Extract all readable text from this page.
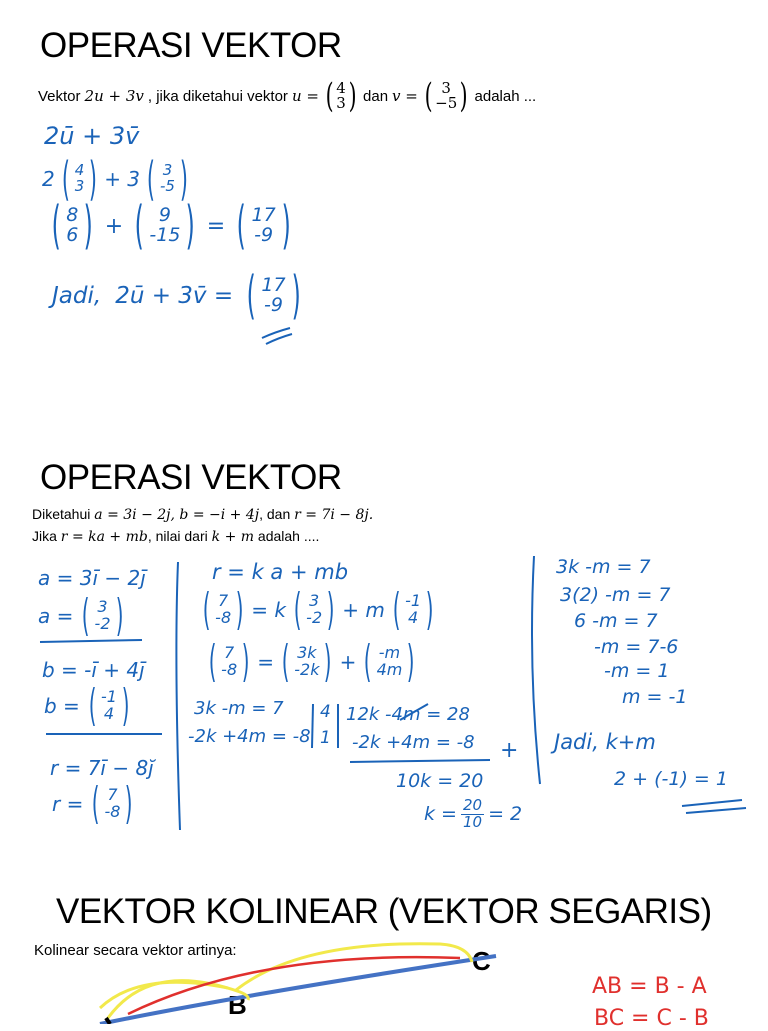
OPERASI VEKTOR
Vektor 2u + 3v , jika diketahui vektor u = ( 4
3 ) dan v = ( 3
−5 ) adalah ...
2ū + 3v̄
2 ( 4
3 ) + 3 ( 3
-5 )
( 8
6 ) + ( 9
-15 ) = ( 17
-9 )
Jadi, 2ū + 3v̄ = ( 17
-9 )
OPERASI VEKTOR
Diketahui a = 3i − 2j, b = −i + 4j, dan r = 7i − 8j.
Jika r = ka + mb, nilai dari k + m adalah ....
a = 3ī − 2j̄
a = ( 3
-2 )
b = -ī + 4j̄
b = ( -1
4 )
r = 7ī − 8j̆
r = ( 7
-8 )
r = k a + mb
( 7
-8 ) = k ( 3
-2 ) + m ( -1
4 )
( 7
-8 ) = ( 3k
-2k ) + ( -m
4m )
3k -m = 7
-2k +4m = -8
4
1
12k -4m = 28
-2k +4m = -8 +
10k = 20
$k = \frac{20}{10} = 2$
3k -m = 7
3(2) -m = 7
6 -m = 7
-m = 7-6
-m = 1
m = -1
Jadi, k+m
2 + (-1) = 1
VEKTOR KOLINEAR (VEKTOR SEGARIS)
Kolinear secara vektor artinya:	C
B
AB = B - A
BC = C - B
